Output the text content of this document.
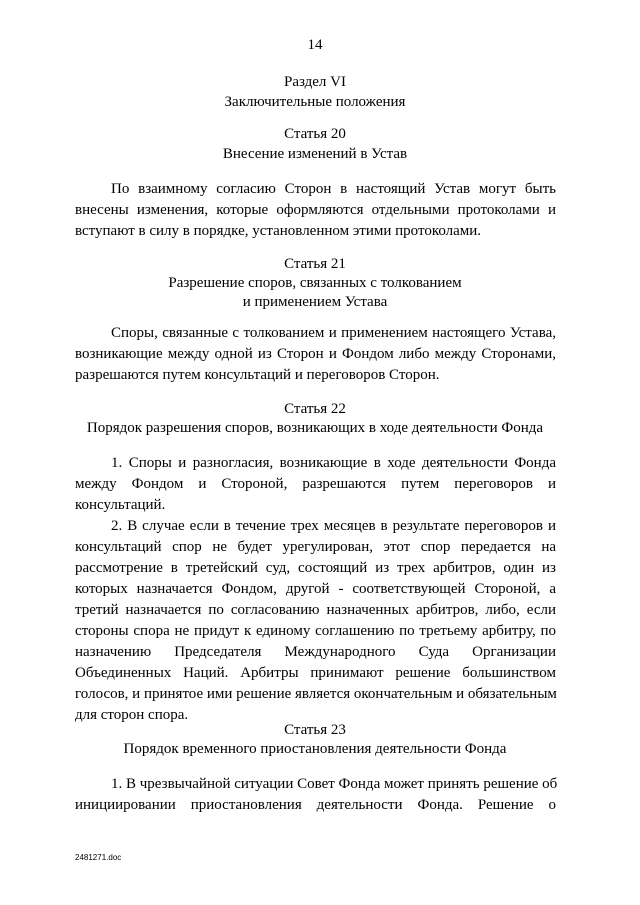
14
Раздел VI
Заключительные положения
Статья 20
Внесение изменений в Устав
По взаимному согласию Сторон в настоящий Устав могут быть
внесены изменения, которые оформляются отдельными протоколами и
вступают в силу в порядке, установленном этими протоколами.
Статья 21
Разрешение споров, связанных с толкованием
и применением Устава
Споры, связанные с толкованием и применением настоящего Устава,
возникающие между одной из Сторон и Фондом либо между Сторонами,
разрешаются путем консультаций и переговоров Сторон.
Статья 22
Порядок разрешения споров, возникающих в ходе деятельности Фонда
1. Споры и разногласия, возникающие в ходе деятельности Фонда
между Фондом и Стороной, разрешаются путем переговоров и
консультаций.
2. В случае если в течение трех месяцев в результате переговоров и
консультаций спор не будет урегулирован, этот спор передается на
рассмотрение в третейский суд, состоящий из трех арбитров, один из
которых назначается Фондом, другой - соответствующей Стороной, а
третий назначается по согласованию назначенных арбитров, либо, если
стороны спора не придут к единому соглашению по третьему арбитру, по
назначению Председателя Международного Суда Организации
Объединенных Наций. Арбитры принимают решение большинством
голосов, и принятое ими решение является окончательным и обязательным
для сторон спора.
Статья 23
Порядок временного приостановления деятельности Фонда
1. В чрезвычайной ситуации Совет Фонда может принять решение об
инициировании приостановления деятельности Фонда. Решение о
2481271.doc
